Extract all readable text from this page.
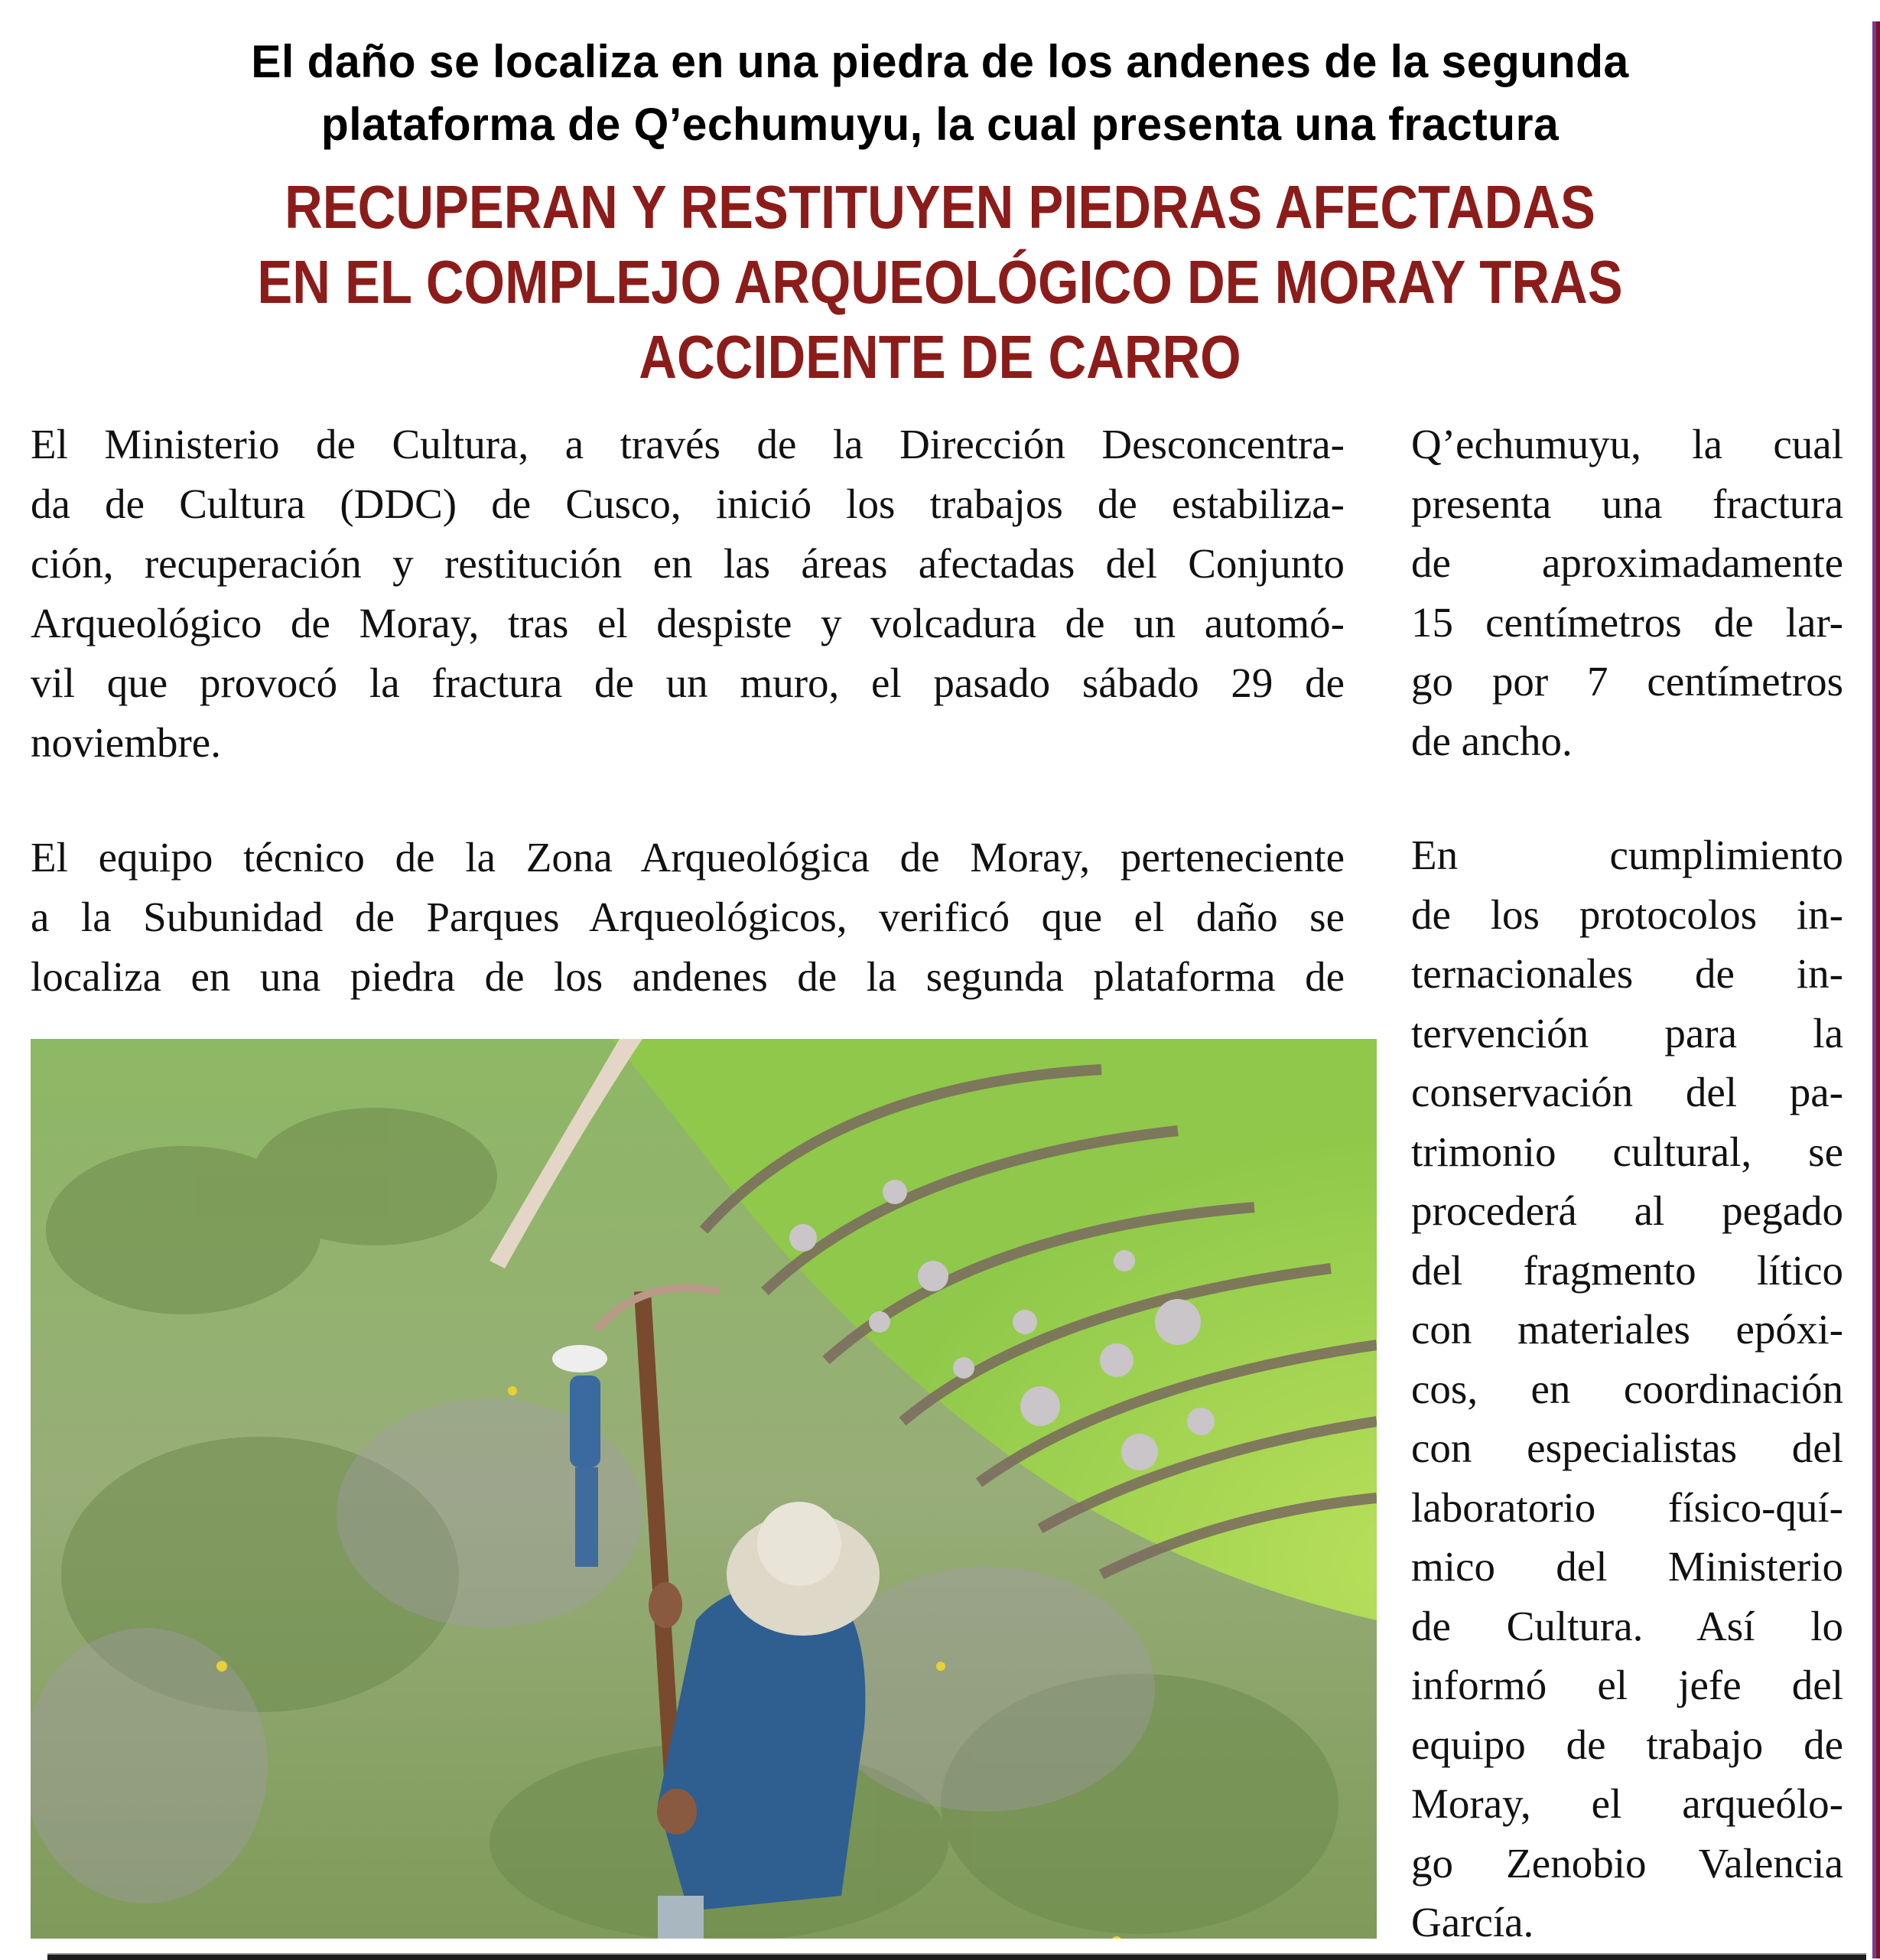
El daño se localiza en una piedra de los andenes de la segunda
plataforma de Q’echumuyu, la cual presenta una fractura
RECUPERAN Y RESTITUYEN PIEDRAS AFECTADAS
EN EL COMPLEJO ARQUEOLÓGICO DE MORAY TRAS
ACCIDENTE DE CARRO

El Ministerio de Cultura, a través de la Dirección Desconcentra-
da de Cultura (DDC) de Cusco, inició los trabajos de estabiliza-
ción, recuperación y restitución en las áreas afectadas del Conjunto
Arqueológico de Moray, tras el despiste y volcadura de un automó-
vil que provocó la fractura de un muro, el pasado sábado 29 de
noviembre.

El equipo técnico de la Zona Arqueológica de Moray, perteneciente
a la Subunidad de Parques Arqueológicos, verificó que el daño se
localiza en una piedra de los andenes de la segunda plataforma de

Q’echumuyu, la cual
presenta una fractura
de aproximadamente
15 centímetros de lar-
go por 7 centímetros
de ancho.
En cumplimiento
de los protocolos in-
ternacionales de in-
tervención para la
conservación del pa-
trimonio cultural, se
procederá al pegado
del fragmento lítico
con materiales epóxi-
cos, en coordinación
con especialistas del
laboratorio físico-quí-
mico del Ministerio
de Cultura. Así lo
informó el jefe del
equipo de trabajo de
Moray, el arqueólo-
go Zenobio Valencia
García.
